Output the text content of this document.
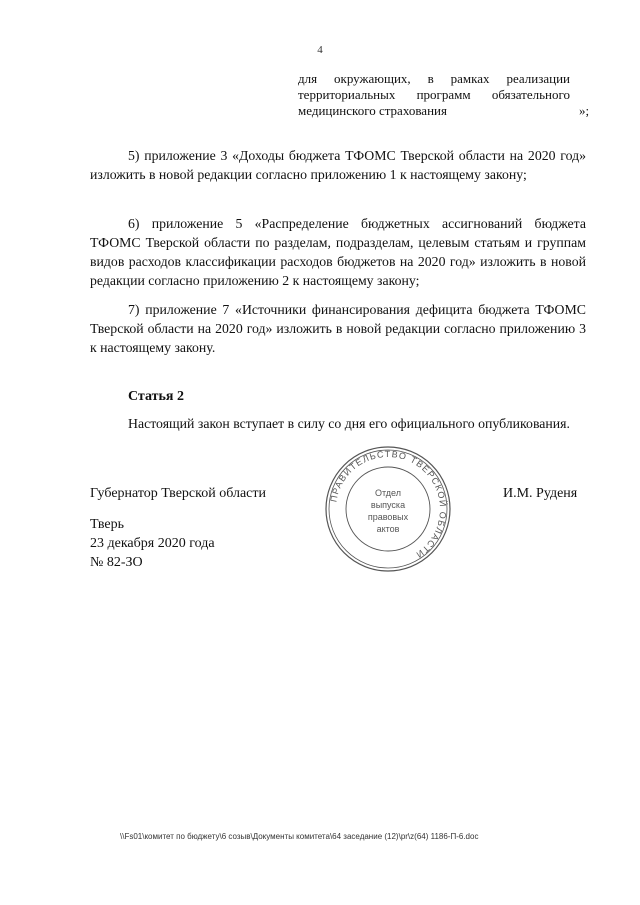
4
для окружающих, в рамках реализации территориальных программ обязательного медицинского страхования	»;
5) приложение 3 «Доходы бюджета ТФОМС Тверской области на 2020 год» изложить в новой редакции согласно приложению 1 к настоящему закону;
6) приложение 5 «Распределение бюджетных ассигнований бюджета ТФОМС Тверской области по разделам, подразделам, целевым статьям и группам видов расходов классификации расходов бюджетов на 2020 год» изложить в новой редакции согласно приложению 2 к настоящему закону;
7) приложение 7 «Источники финансирования дефицита бюджета ТФОМС Тверской области на 2020 год» изложить в новой редакции согласно приложению 3 к настоящему закону.
Статья 2
Настоящий закон вступает в силу со дня его официального опубликования.
Губернатор Тверской области	И.М. Руденя
Тверь
23 декабря 2020 года
№ 82-ЗО
ПРАВИТЕЛЬСТВО ТВЕРСКОЙ ОБЛАСТИ
Отдел
выпуска
правовых
актов
\\Fs01\комитет по бюджету\6 созыв\Документы комитета\64 заседание (12)\pr\z(64) 1186-П-6.doc
